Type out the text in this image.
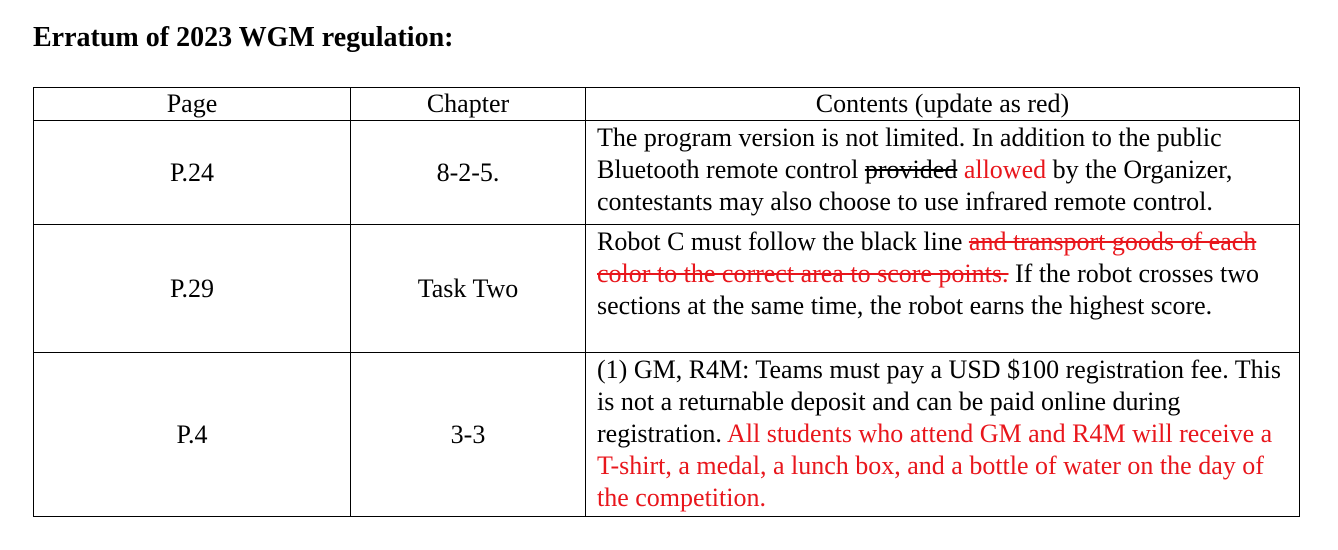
Erratum of 2023 WGM regulation:
Page	Chapter	Contents (update as red)
P.24	8-2-5.	The program version is not limited. In addition to the public Bluetooth remote control provided allowed by the Organizer, contestants may also choose to use infrared remote control.
P.29	Task Two	Robot C must follow the black line and transport goods of each color to the correct area to score points. If the robot crosses two sections at the same time, the robot earns the highest score.
P.4	3-3	(1) GM, R4M: Teams must pay a USD $100 registration fee. This is not a returnable deposit and can be paid online during registration. All students who attend GM and R4M will receive a T-shirt, a medal, a lunch box, and a bottle of water on the day of the competition.
